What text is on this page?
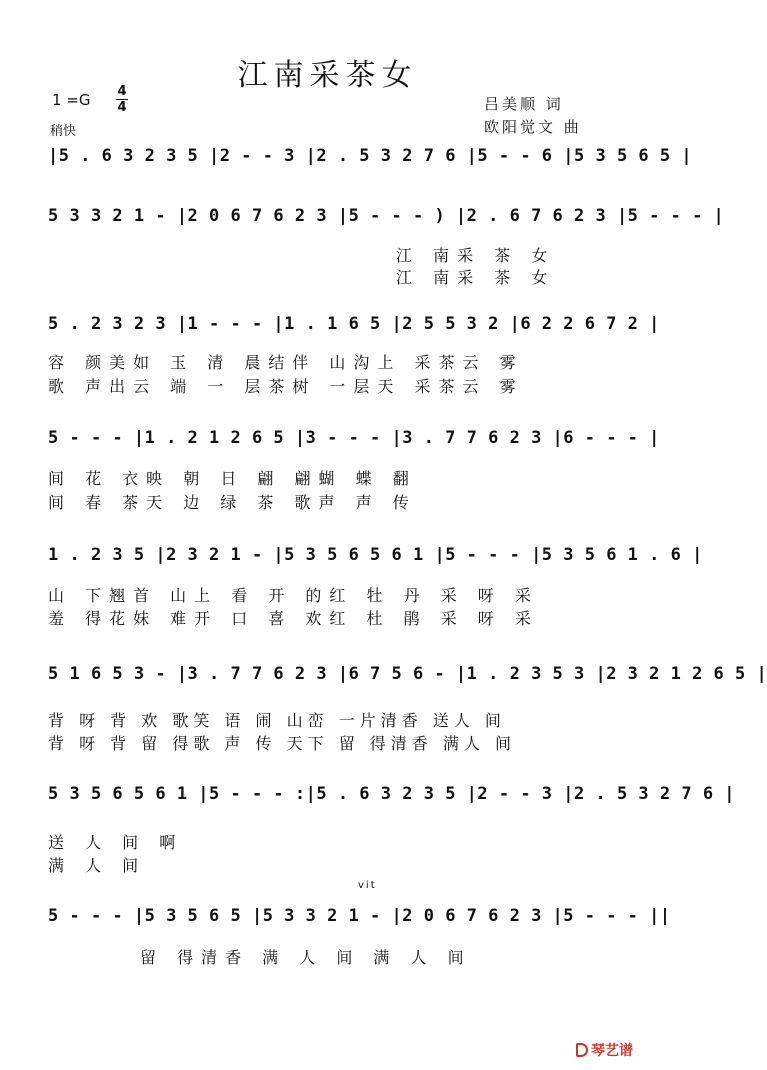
江南采茶女
1 =G 4
4
稍快
吕美顺 词
欧阳觉文 曲
|5 . 6 3 2 3 5 |2 - - 3 |2 . 5 3 2 7 6 |5 - - 6 |5 3 5 6 5 |
5 3 3 2 1 - |2 0 6 7 6 2 3 |5 - - - ) |2 . 6 7 6 2 3 |5 - - - |
江 南采 茶 女
江 南采 茶 女
5 . 2 3 2 3 |1 - - - |1 . 1 6 5 |2 5 5 3 2 |6 2 2 6 7 2 |
容 颜美如 玉 清 晨结伴 山沟上 采茶云 雾
歌 声出云 端 一 层茶树 一层天 采茶云 雾
5 - - - |1 . 2 1 2 6 5 |3 - - - |3 . 7 7 6 2 3 |6 - - - |
间 花 衣映 朝 日 翩 翩蝴 蝶 翻
间 春 茶天 边 绿 茶 歌声 声 传
1 . 2 3 5 |2 3 2 1 - |5 3 5 6 5 6 1 |5 - - - |5 3 5 6 1 . 6 |
山 下翘首 山上 看 开 的红 牡 丹 采 呀 采
羞 得花妹 难开 口 喜 欢红 杜 鹃 采 呀 采
5 1 6 5 3 - |3 . 7 7 6 2 3 |6 7 5 6 - |1 . 2 3 5 3 |2 3 2 1 2 6 5 |
背 呀 背 欢 歌笑 语 闹 山峦 一片清香 送人 间
背 呀 背 留 得歌 声 传 天下 留 得清香 满人 间
5 3 5 6 5 6 1 |5 - - - :|5 . 6 3 2 3 5 |2 - - 3 |2 . 5 3 2 7 6 |
送 人 间 啊
满 人 间
vit
5 - - - |5 3 5 6 5 |5 3 3 2 1 - |2 0 6 7 6 2 3 |5 - - - ||
留 得清香 满 人 间 满 人 间
琴艺谱
